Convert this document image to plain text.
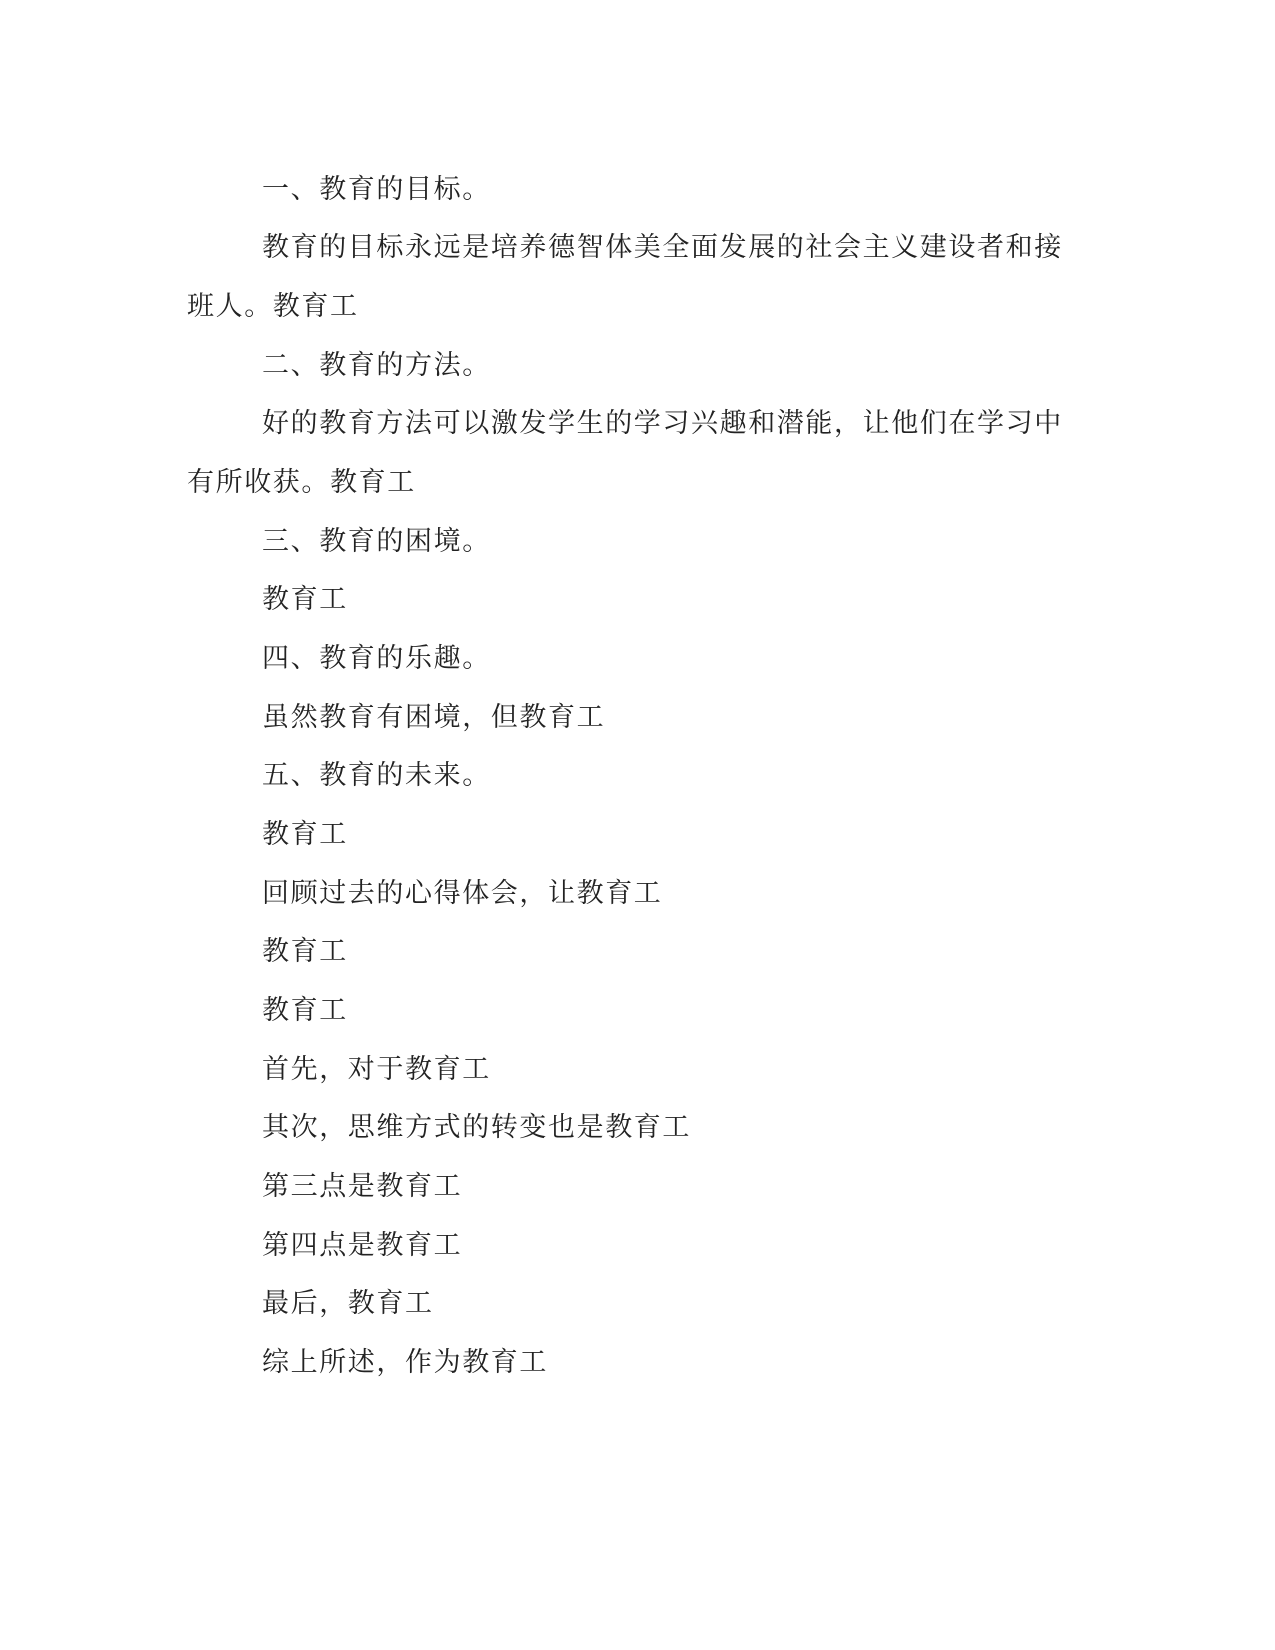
一、教育的目标。

教育的目标永远是培养德智体美全面发展的社会主义建设者和接

班人。教育工

二、教育的方法。

好的教育方法可以激发学生的学习兴趣和潜能，让他们在学习中

有所收获。教育工

三、教育的困境。

教育工

四、教育的乐趣。

虽然教育有困境，但教育工

五、教育的未来。

教育工

回顾过去的心得体会，让教育工

教育工

教育工

首先，对于教育工

其次，思维方式的转变也是教育工

第三点是教育工

第四点是教育工

最后，教育工

综上所述，作为教育工
